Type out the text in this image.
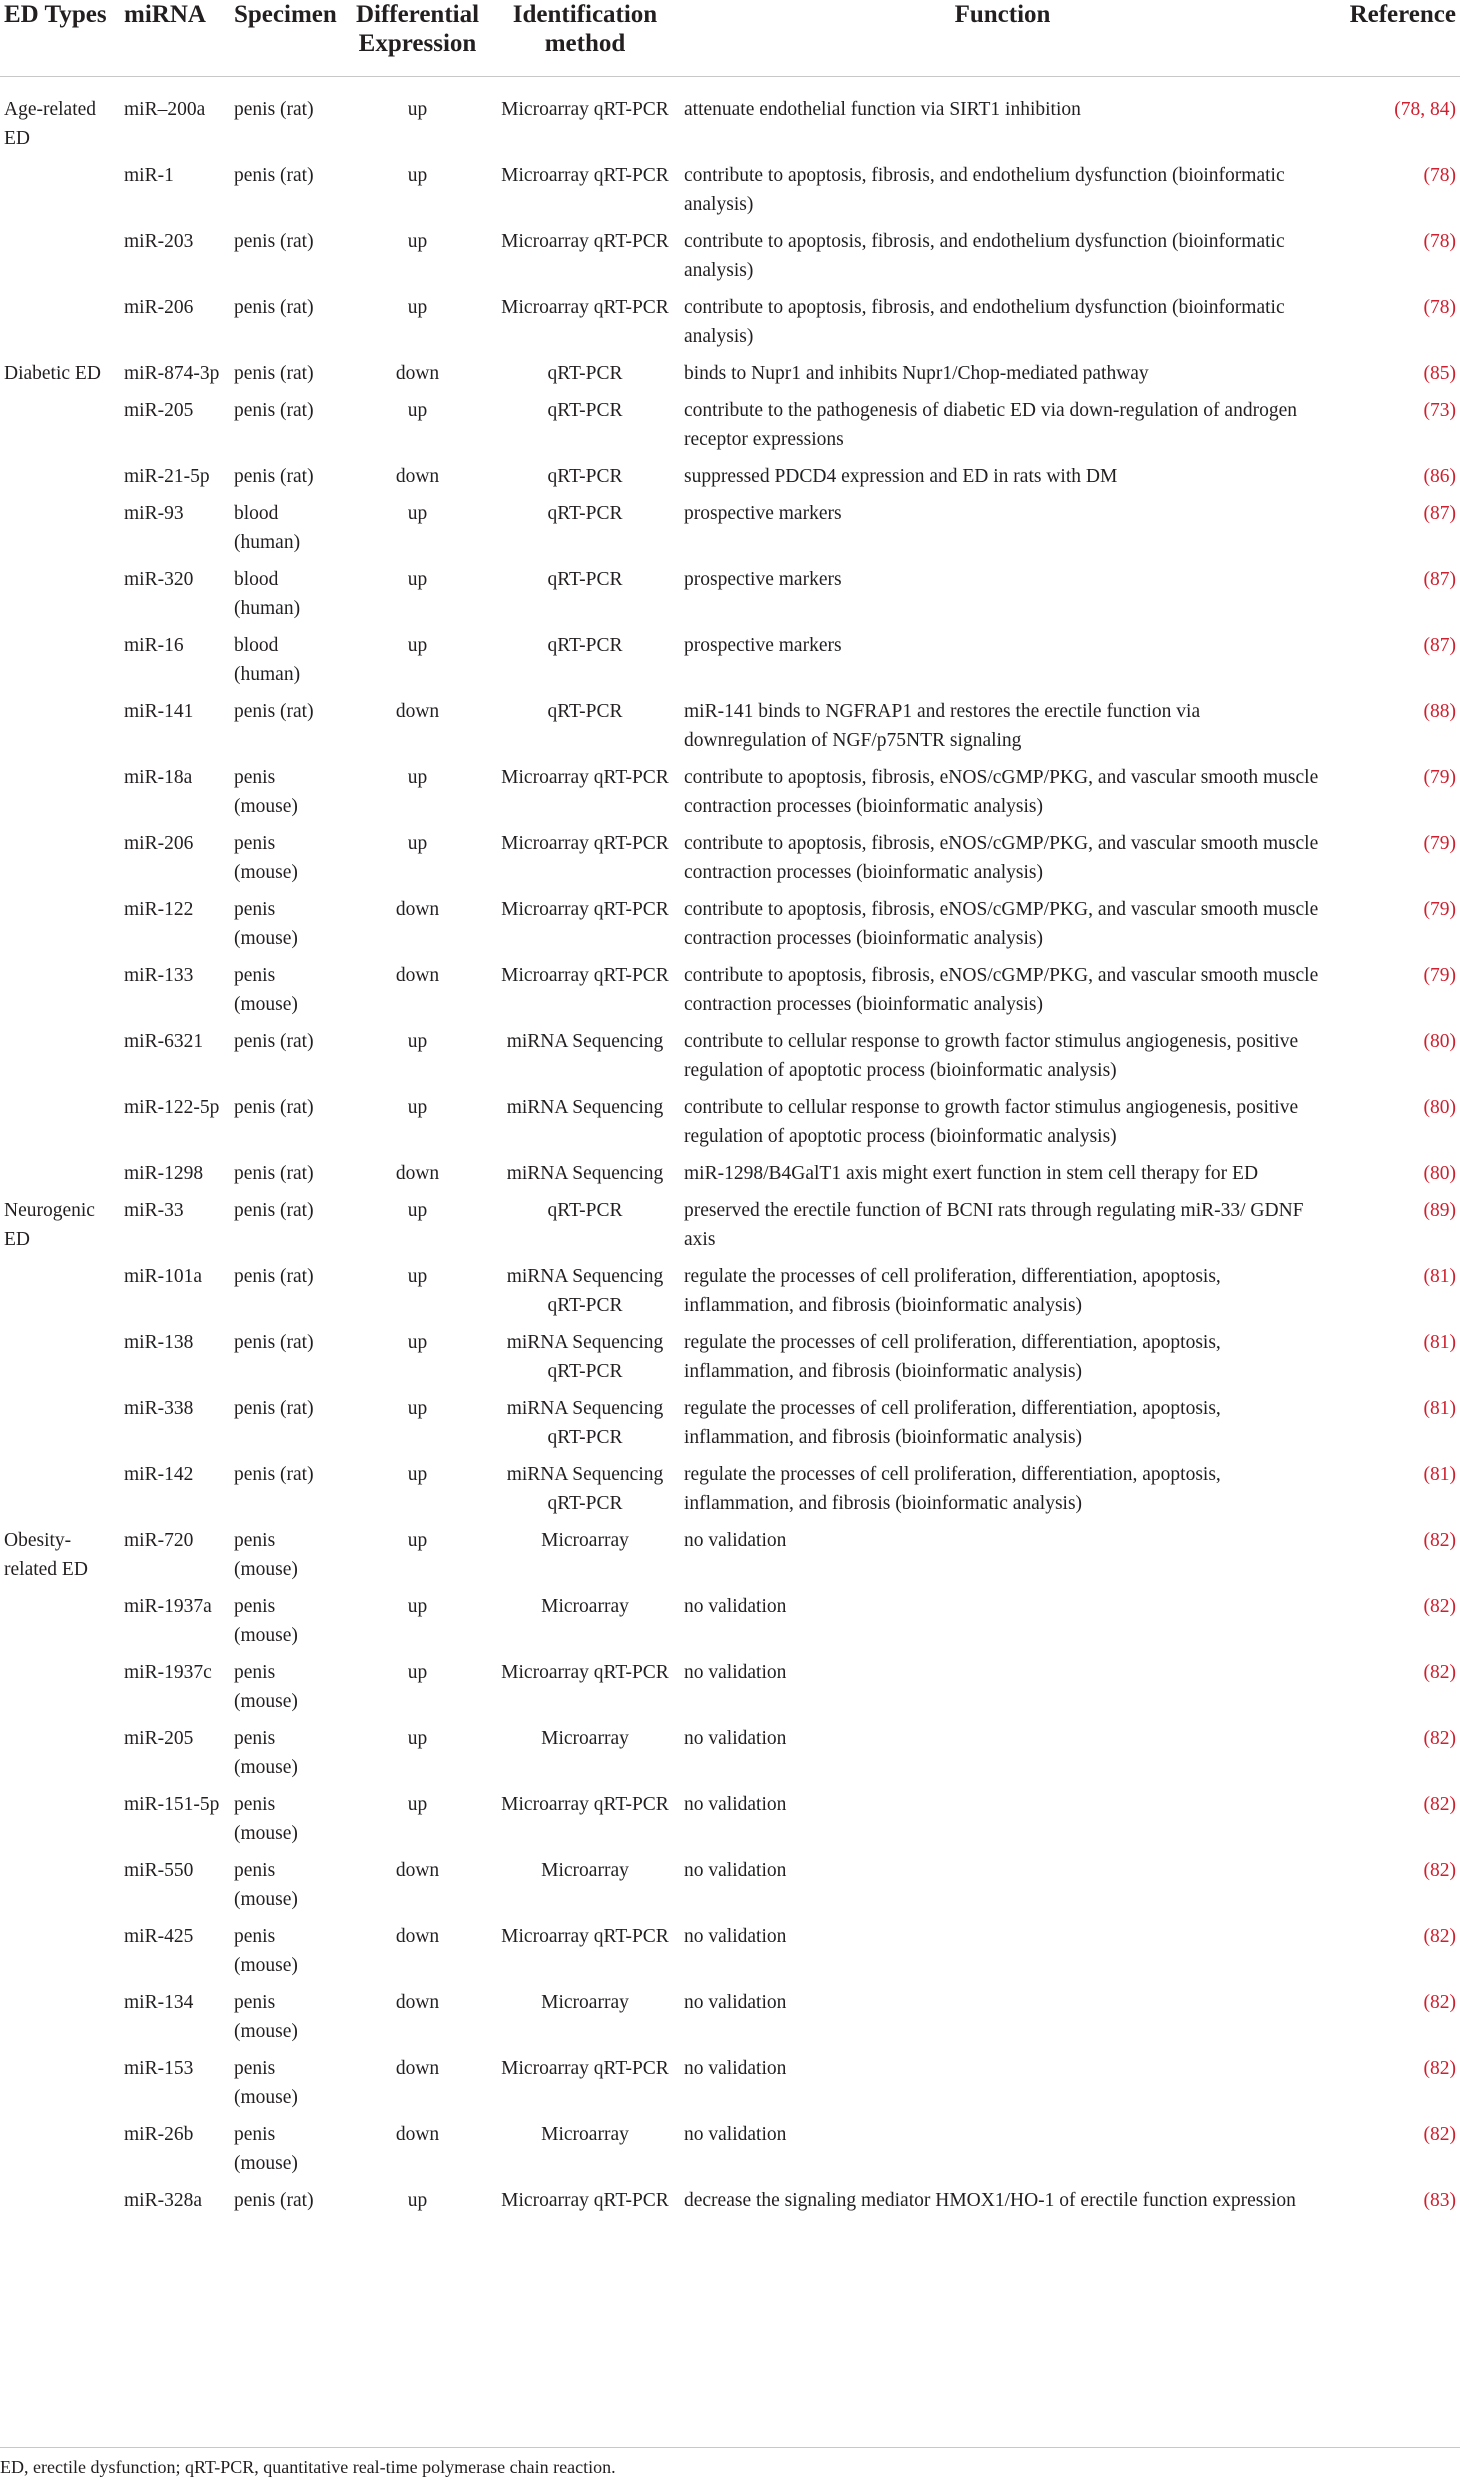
ED Types	miRNA	Specimen	Differential Expression	Identification method	Function	Reference

Age-related ED	miR–200a	penis (rat)	up	Microarray qRT-PCR	attenuate endothelial function via SIRT1 inhibition	(78, 84)
	miR-1	penis (rat)	up	Microarray qRT-PCR	contribute to apoptosis, fibrosis, and endothelium dysfunction (bioinformatic analysis)	(78)
	miR-203	penis (rat)	up	Microarray qRT-PCR	contribute to apoptosis, fibrosis, and endothelium dysfunction (bioinformatic analysis)	(78)
	miR-206	penis (rat)	up	Microarray qRT-PCR	contribute to apoptosis, fibrosis, and endothelium dysfunction (bioinformatic analysis)	(78)
Diabetic ED	miR-874-3p	penis (rat)	down	qRT-PCR	binds to Nupr1 and inhibits Nupr1/Chop-mediated pathway	(85)
	miR-205	penis (rat)	up	qRT-PCR	contribute to the pathogenesis of diabetic ED via down-regulation of androgen receptor expressions	(73)
	miR-21-5p	penis (rat)	down	qRT-PCR	suppressed PDCD4 expression and ED in rats with DM	(86)
	miR-93	blood (human)	up	qRT-PCR	prospective markers	(87)
	miR-320	blood (human)	up	qRT-PCR	prospective markers	(87)
	miR-16	blood (human)	up	qRT-PCR	prospective markers	(87)
	miR-141	penis (rat)	down	qRT-PCR	miR-141 binds to NGFRAP1 and restores the erectile function via downregulation of NGF/p75NTR signaling	(88)
	miR-18a	penis (mouse)	up	Microarray qRT-PCR	contribute to apoptosis, fibrosis, eNOS/cGMP/PKG, and vascular smooth muscle contraction processes (bioinformatic analysis)	(79)
	miR-206	penis (mouse)	up	Microarray qRT-PCR	contribute to apoptosis, fibrosis, eNOS/cGMP/PKG, and vascular smooth muscle contraction processes (bioinformatic analysis)	(79)
	miR-122	penis (mouse)	down	Microarray qRT-PCR	contribute to apoptosis, fibrosis, eNOS/cGMP/PKG, and vascular smooth muscle contraction processes (bioinformatic analysis)	(79)
	miR-133	penis (mouse)	down	Microarray qRT-PCR	contribute to apoptosis, fibrosis, eNOS/cGMP/PKG, and vascular smooth muscle contraction processes (bioinformatic analysis)	(79)
	miR-6321	penis (rat)	up	miRNA Sequencing	contribute to cellular response to growth factor stimulus angiogenesis, positive regulation of apoptotic process (bioinformatic analysis)	(80)
	miR-122-5p	penis (rat)	up	miRNA Sequencing	contribute to cellular response to growth factor stimulus angiogenesis, positive regulation of apoptotic process (bioinformatic analysis)	(80)
	miR-1298	penis (rat)	down	miRNA Sequencing	miR-1298/B4GalT1 axis might exert function in stem cell therapy for ED	(80)
Neurogenic ED	miR-33	penis (rat)	up	qRT-PCR	preserved the erectile function of BCNI rats through regulating miR-33/ GDNF axis	(89)
	miR-101a	penis (rat)	up	miRNA Sequencing qRT-PCR	regulate the processes of cell proliferation, differentiation, apoptosis, inflammation, and fibrosis (bioinformatic analysis)	(81)
	miR-138	penis (rat)	up	miRNA Sequencing qRT-PCR	regulate the processes of cell proliferation, differentiation, apoptosis, inflammation, and fibrosis (bioinformatic analysis)	(81)
	miR-338	penis (rat)	up	miRNA Sequencing qRT-PCR	regulate the processes of cell proliferation, differentiation, apoptosis, inflammation, and fibrosis (bioinformatic analysis)	(81)
	miR-142	penis (rat)	up	miRNA Sequencing qRT-PCR	regulate the processes of cell proliferation, differentiation, apoptosis, inflammation, and fibrosis (bioinformatic analysis)	(81)
Obesity-related ED	miR-720	penis (mouse)	up	Microarray	no validation	(82)
	miR-1937a	penis (mouse)	up	Microarray	no validation	(82)
	miR-1937c	penis (mouse)	up	Microarray qRT-PCR	no validation	(82)
	miR-205	penis (mouse)	up	Microarray	no validation	(82)
	miR-151-5p	penis (mouse)	up	Microarray qRT-PCR	no validation	(82)
	miR-550	penis (mouse)	down	Microarray	no validation	(82)
	miR-425	penis (mouse)	down	Microarray qRT-PCR	no validation	(82)
	miR-134	penis (mouse)	down	Microarray	no validation	(82)
	miR-153	penis (mouse)	down	Microarray qRT-PCR	no validation	(82)
	miR-26b	penis (mouse)	down	Microarray	no validation	(82)
	miR-328a	penis (rat)	up	Microarray qRT-PCR	decrease the signaling mediator HMOX1/HO-1 of erectile function expression	(83)
ED, erectile dysfunction; qRT-PCR, quantitative real-time polymerase chain reaction.
